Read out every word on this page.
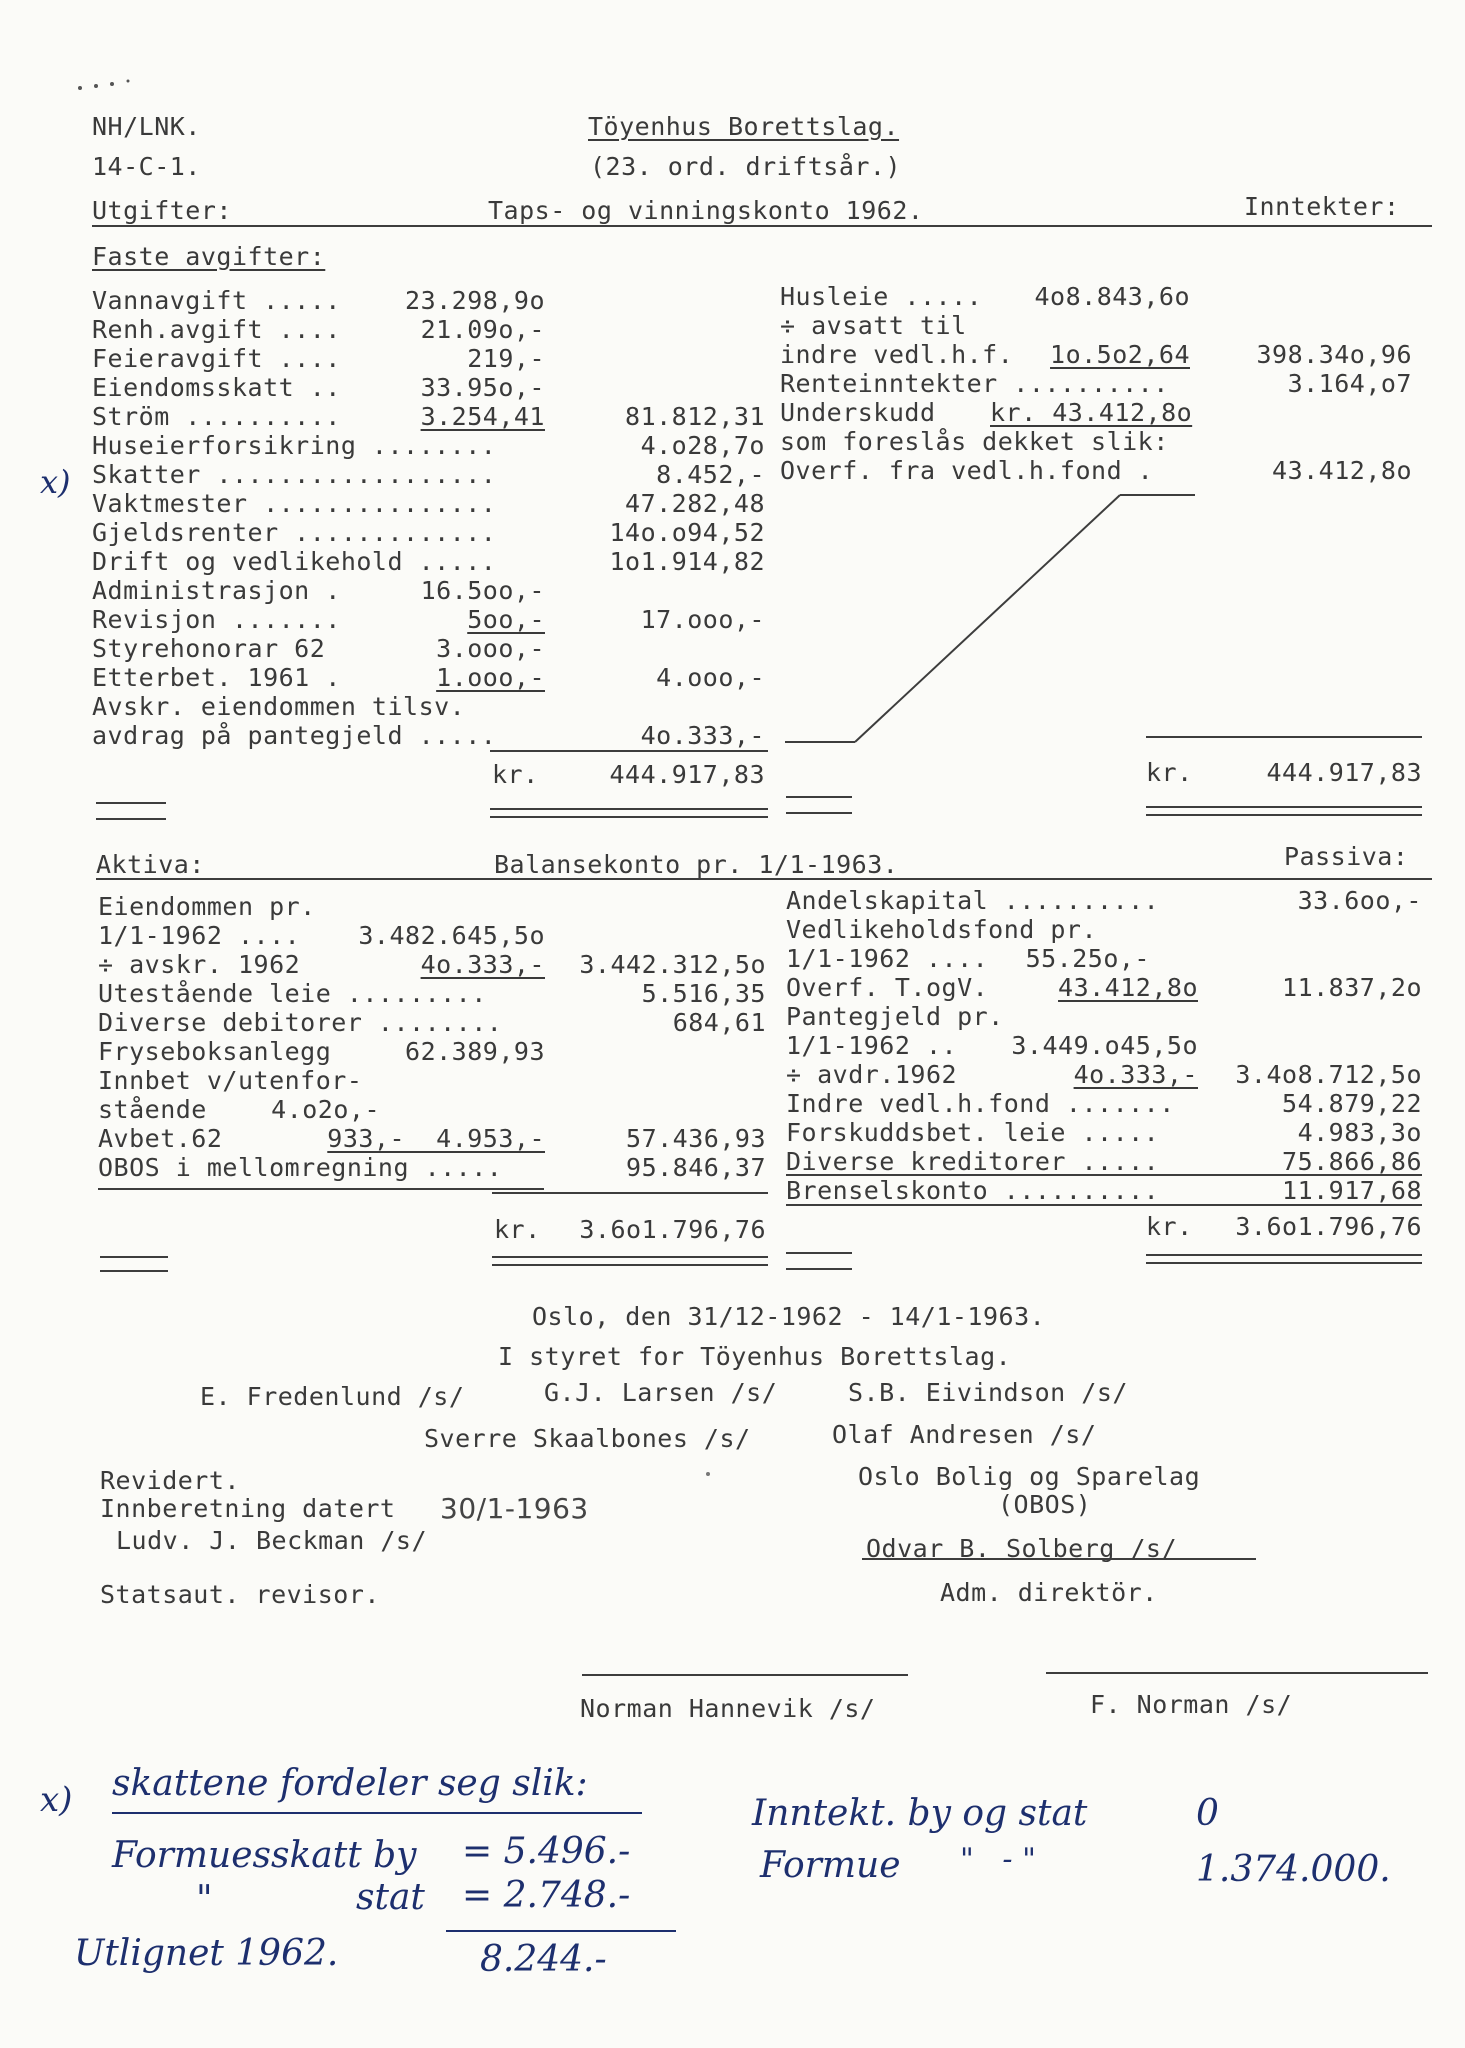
NH/LNK.
14-C-1.
Töyenhus Borettslag.
(23. ord. driftsår.)
Utgifter:	Taps- og vinningskonto 1962.	Inntekter:
Faste avgifter:
Vannavgift .....	23.298,9o
Renh.avgift ....	21.09o,-
Feieravgift ....	219,-
Eiendomsskatt ..	33.95o,-
Ström ..........	3.254,41	81.812,31
Huseierforsikring ........	4.o28,7o
Skatter ..................	8.452,-
Vaktmester ...............	47.282,48
Gjeldsrenter .............	14o.o94,52
Drift og vedlikehold .....	1o1.914,82
Administrasjon .	16.5oo,-
Revisjon .......	5oo,-	17.ooo,-
Styrehonorar 62	3.ooo,-
Etterbet. 1961 .	1.ooo,-	4.ooo,-
Avskr. eiendommen tilsv.
avdrag på pantegjeld .....	4o.333,-
kr.	444.917,83
Husleie .....	4o8.843,6o
÷ avsatt til
indre vedl.h.f.	1o.5o2,64	398.34o,96
Renteinntekter ..........	3.164,o7
Underskudd kr. 43.412,8o
som foreslås dekket slik:
Overf. fra vedl.h.fond .	43.412,8o
kr.	444.917,83
Aktiva:	Balansekonto pr. 1/1-1963.	Passiva:
Eiendommen pr.
1/1-1962 ....	3.482.645,5o
÷ avskr. 1962	4o.333,-	3.442.312,5o
Utestående leie .........	5.516,35
Diverse debitorer ........	684,61
Fryseboksanlegg	62.389,93
Innbet v/utenfor-
stående	4.o2o,-
Avbet.62	933,-  4.953,-	57.436,93
OBOS i mellomregning .....	95.846,37
kr.	3.6o1.796,76
Andelskapital ..........	33.6oo,-
Vedlikeholdsfond pr.
1/1-1962 ....	55.25o,-
Overf. T.ogV.	43.412,8o	11.837,2o
Pantegjeld pr.
1/1-1962 ..	3.449.o45,5o
÷ avdr.1962	4o.333,-	3.4o8.712,5o
Indre vedl.h.fond .......	54.879,22
Forskuddsbet. leie .....	4.983,3o
Diverse kreditorer .....	75.866,86
Brenselskonto ..........	11.917,68
kr.	3.6o1.796,76
Oslo, den 31/12-1962 - 14/1-1963.
I styret for Töyenhus Borettslag.
E. Fredenlund /s/	G.J. Larsen /s/	S.B. Eivindson /s/
Sverre Skaalbones /s/	Olaf Andresen /s/
Revidert.
Innberetning datert 30/1-1963
Ludv. J. Beckman /s/
Statsaut. revisor.
Oslo Bolig og Sparelag
(OBOS)
Odvar B. Solberg /s/
Adm. direktör.
Norman Hannevik /s/	F. Norman /s/
x)
x) skattene fordeler seg slik:
Formuesskatt by = 5.496.-
"	stat = 2.748.-
Utlignet 1962.	8.244.-
Inntekt. by og stat	0
Formue "   - "	1.374.000.
